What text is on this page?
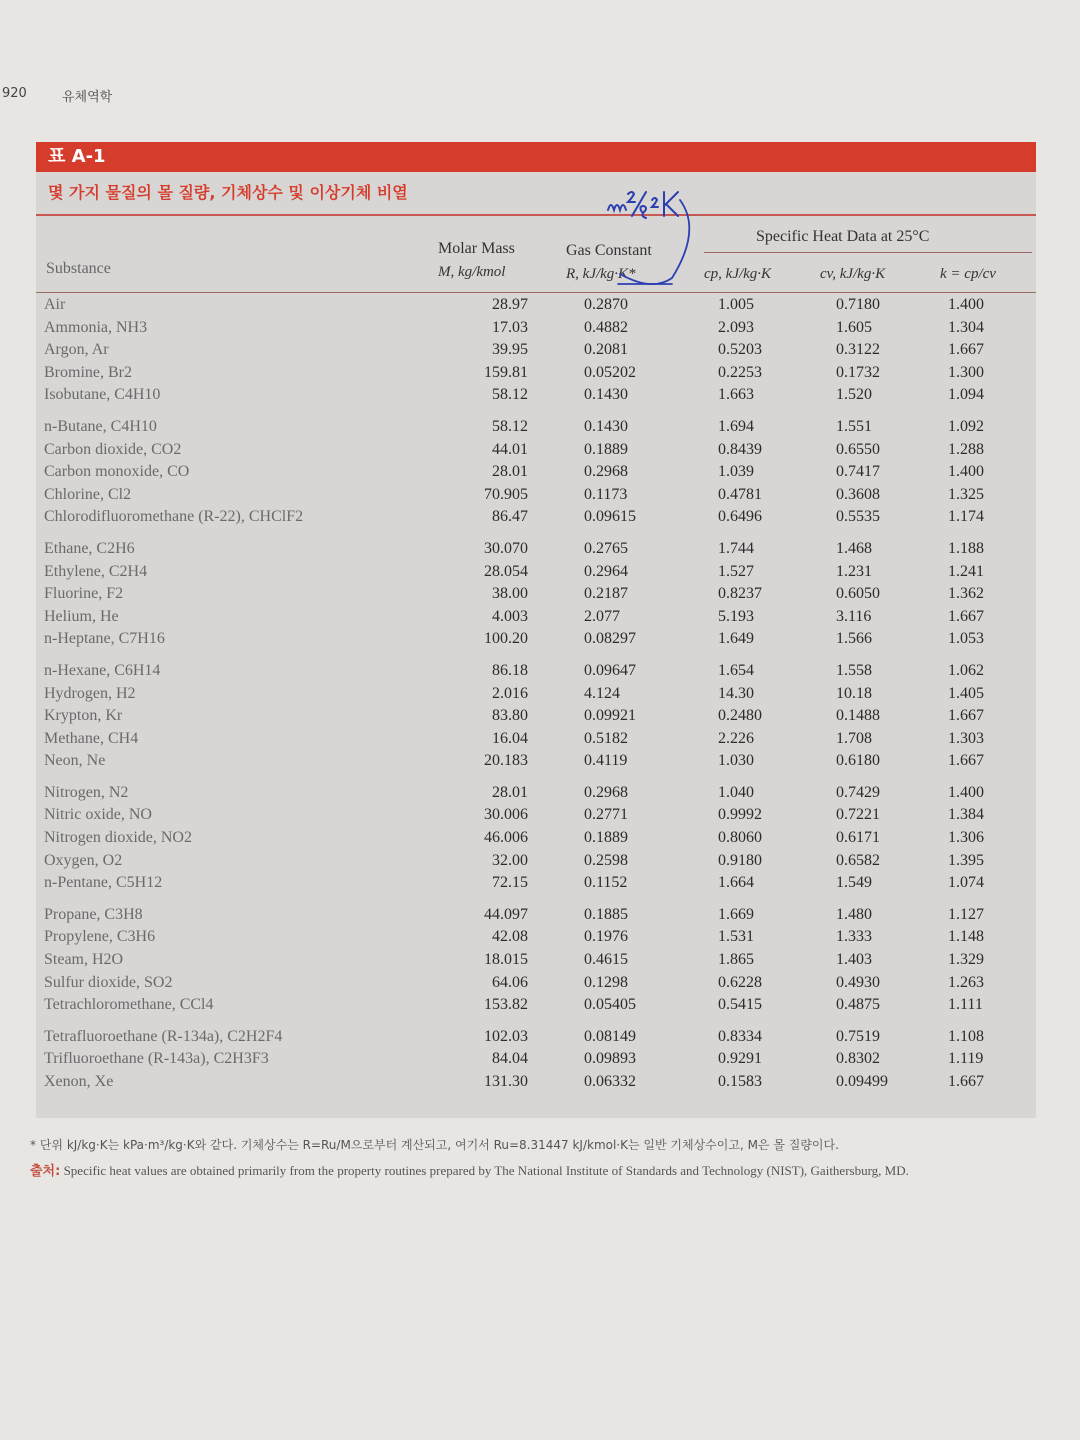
920	유체역학
표 A-1
몇 가지 물질의 몰 질량, 기체상수 및 이상기체 비열
Substance
Molar Mass
M, kg/kmol
Gas Constant
R, kJ/kg·K*
Specific Heat Data at 25°C
cp, kJ/kg·K	cv, kJ/kg·K	k = cp/cv
Air	28.97	0.2870	1.005	0.7180	1.400
Ammonia, NH3	17.03	0.4882	2.093	1.605	1.304
Argon, Ar	39.95	0.2081	0.5203	0.3122	1.667
Bromine, Br2	159.81	0.05202	0.2253	0.1732	1.300
Isobutane, C4H10	58.12	0.1430	1.663	1.520	1.094
n-Butane, C4H10	58.12	0.1430	1.694	1.551	1.092
Carbon dioxide, CO2	44.01	0.1889	0.8439	0.6550	1.288
Carbon monoxide, CO	28.01	0.2968	1.039	0.7417	1.400
Chlorine, Cl2	70.905	0.1173	0.4781	0.3608	1.325
Chlorodifluoromethane (R-22), CHClF2	86.47	0.09615	0.6496	0.5535	1.174
Ethane, C2H6	30.070	0.2765	1.744	1.468	1.188
Ethylene, C2H4	28.054	0.2964	1.527	1.231	1.241
Fluorine, F2	38.00	0.2187	0.8237	0.6050	1.362
Helium, He	4.003	2.077	5.193	3.116	1.667
n-Heptane, C7H16	100.20	0.08297	1.649	1.566	1.053
n-Hexane, C6H14	86.18	0.09647	1.654	1.558	1.062
Hydrogen, H2	2.016	4.124	14.30	10.18	1.405
Krypton, Kr	83.80	0.09921	0.2480	0.1488	1.667
Methane, CH4	16.04	0.5182	2.226	1.708	1.303
Neon, Ne	20.183	0.4119	1.030	0.6180	1.667
Nitrogen, N2	28.01	0.2968	1.040	0.7429	1.400
Nitric oxide, NO	30.006	0.2771	0.9992	0.7221	1.384
Nitrogen dioxide, NO2	46.006	0.1889	0.8060	0.6171	1.306
Oxygen, O2	32.00	0.2598	0.9180	0.6582	1.395
n-Pentane, C5H12	72.15	0.1152	1.664	1.549	1.074
Propane, C3H8	44.097	0.1885	1.669	1.480	1.127
Propylene, C3H6	42.08	0.1976	1.531	1.333	1.148
Steam, H2O	18.015	0.4615	1.865	1.403	1.329
Sulfur dioxide, SO2	64.06	0.1298	0.6228	0.4930	1.263
Tetrachloromethane, CCl4	153.82	0.05405	0.5415	0.4875	1.111
Tetrafluoroethane (R-134a), C2H2F4	102.03	0.08149	0.8334	0.7519	1.108
Trifluoroethane (R-143a), C2H3F3	84.04	0.09893	0.9291	0.8302	1.119
Xenon, Xe	131.30	0.06332	0.1583	0.09499	1.667
* 단위 kJ/kg·K는 kPa·m³/kg·K와 같다. 기체상수는 R=Ru/M으로부터 계산되고, 여기서 Ru=8.31447 kJ/kmol·K는 일반 기체상수이고, M은 몰 질량이다.
출처: Specific heat values are obtained primarily from the property routines prepared by The National Institute of Standards and Technology (NIST), Gaithersburg, MD.
